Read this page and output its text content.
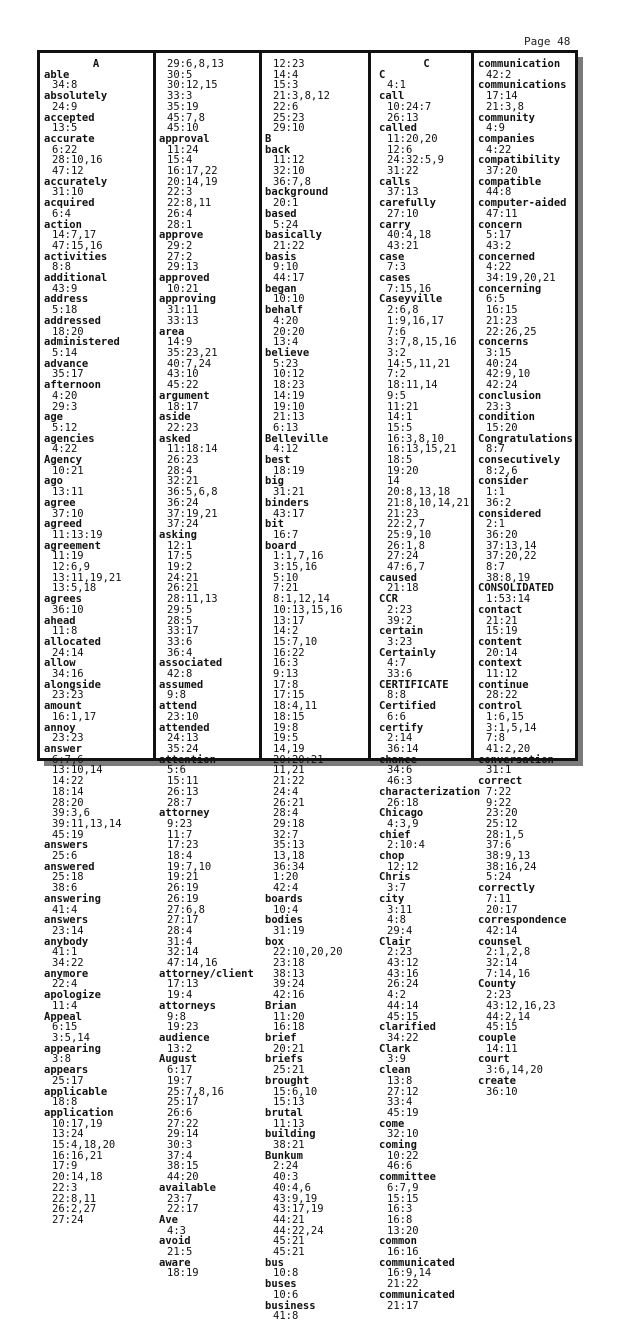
Page 48
A
able
34:8
absolutely
24:9
accepted
13:5
accurate
6:22
28:10,16
47:12
accurately
31:10
acquired
6:4
action
14:7,17
47:15,16
activities
8:8
additional
43:9
address
5:18
addressed
18:20
administered
5:14
advance
35:17
afternoon
4:20
29:3
age
5:12
agencies
4:22
Agency
10:21
ago
13:11
agree
37:10
agreed
11:13:19
agreement
11:19
12:6,9
13:11,19,21
13:5,18
agrees
36:10
ahead
11:8
allocated
24:14
allow
34:16
alongside
23:23
amount
16:1,17
annoy
23:23
answer
6:7,6
13:10,14
14:22
18:14
28:20
39:3,6
39:11,13,14
45:19
answers
25:6
answered
25:18
38:6
answering
41:4
answers
23:14
anybody
41:1
34:22
anymore
22:4
apologize
11:4
Appeal
6:15
3:5,14
appearing
3:8
appears
25:17
applicable
18:8
application
10:17,19
13:24
15:4,18,20
16:16,21
17:9
20:14,18
22:3
22:8,11
26:2,27
27:24
29:6,8,13
30:5
30:12,15
33:3
35:19
45:7,8
45:10
approval
11:24
15:4
16:17,22
20:14,19
22:3
22:8,11
26:4
28:1
approve
29:2
27:2
29:13
approved
10:21
approving
31:11
33:13
area
14:9
35:23,21
40:7,24
43:10
45:22
argument
18:17
aside
22:23
asked
11:18:14
26:23
28:4
32:21
36:5,6,8
36:24
37:19,21
37:24
asking
12:1
17:5
19:2
24:21
26:21
28:11,13
29:5
28:5
33:17
33:6
36:4
associated
42:8
assumed
9:8
attend
23:10
attended
24:13
35:24
attention
5:6
15:11
26:13
28:7
attorney
9:23
11:7
17:23
18:4
19:7,10
19:21
26:19
26:19
27:6,8
27:17
28:4
31:4
32:14
47:14,16
attorney/client
17:13
19:4
attorneys
9:8
19:23
audience
13:2
August
6:17
19:7
25:7,8,16
25:17
26:6
27:22
29:14
30:3
37:4
38:15
44:20
available
23:7
22:17
Ave
4:3
avoid
21:5
aware
18:19
12:23
14:4
15:3
21:3,8,12
22:6
25:23
29:10
B
back
11:12
32:10
36:7,8
background
20:1
based
5:24
basically
21:22
basis
9:10
44:17
began
10:10
behalf
4:20
20:20
13:4
believe
5:23
10:12
18:23
14:19
19:10
21:13
6:13
Belleville
4:12
best
18:19
big
31:21
binders
43:17
bit
16:7
board
1:1,7,16
3:15,16
5:10
7:21
8:1,12,14
10:13,15,16
13:17
14:2
15:7,10
16:22
16:3
9:13
17:8
17:15
18:4,11
18:15
19:8
19:5
14,19
20:20:21
11,21
21:22
24:4
26:21
28:4
29:18
32:7
35:13
13,18
36:34
1:20
42:4
boards
10:4
bodies
31:19
box
22:10,20,20
23:18
38:13
39:24
42:16
Brian
11:20
16:18
brief
20:21
briefs
25:21
brought
15:6,10
15:13
brutal
11:13
building
38:21
Bunkum
2:24
40:3
40:4,6
43:9,19
43:17,19
44:21
44:22,24
45:21
45:21
bus
10:8
buses
10:6
business
41:8
C
C
4:1
call
10:24:7
26:13
called
11:20,20
12:6
24:32:5,9
31:22
calls
37:13
carefully
27:10
carry
40:4,18
43:21
case
7:3
cases
7:15,16
Caseyville
2:6,8
1:9,16,17
7:6
3:7,8,15,16
3:2
14:5,11,21
7:2
18:11,14
9:5
11:21
14:1
15:5
16:3,8,10
16:13,15,21
18:5
19:20
14
20:8,13,18
21:8,10,14,21
21:23
22:2,7
25:9,10
26:1,8
27:24
47:6,7
caused
21:18
CCR
2:23
39:2
certain
3:23
Certainly
4:7
33:6
CERTIFICATE
8:8
Certified
6:6
certify
2:14
36:14
chance
34:6
46:3
characterization
26:18
Chicago
4:3,9
chief
2:10:4
chop
12:12
Chris
3:7
city
3:11
4:8
29:4
Clair
2:23
43:12
43:16
26:24
4:2
44:14
45:15
clarified
34:22
Clark
3:9
clean
13:8
27:12
33:4
45:19
come
32:10
coming
10:22
46:6
committee
6:7,9
15:15
16:3
16:8
13:20
common
16:16
communicated
16:9,14
21:22
communicated
21:17
communication
42:2
communications
17:14
21:3,8
community
4:9
companies
4:22
compatibility
37:20
compatible
44:8
computer-aided
47:11
concern
5:17
43:2
concerned
4:22
34:19,20,21
concerning
6:5
16:15
21:23
22:26,25
concerns
3:15
40:24
42:9,10
42:24
conclusion
23:3
condition
15:20
Congratulations
8:7
consecutively
8:2,6
consider
1:1
36:2
considered
2:1
36:20
37:13,14
37:20,22
8:7
38:8,19
CONSOLIDATED
1:53:14
contact
21:21
15:19
content
20:14
context
11:12
continue
28:22
control
1:6,15
3:1,5,14
7:8
41:2,20
conversation
31:1
correct
7:22
9:22
23:20
25:12
28:1,5
37:6
38:9,13
38:16,24
5:24
correctly
7:11
20:17
correspondence
42:14
counsel
2:1,2,8
32:14
7:14,16
County
2:23
43:12,16,23
44:2,14
45:15
couple
14:11
court
3:6,14,20
create
36:10
